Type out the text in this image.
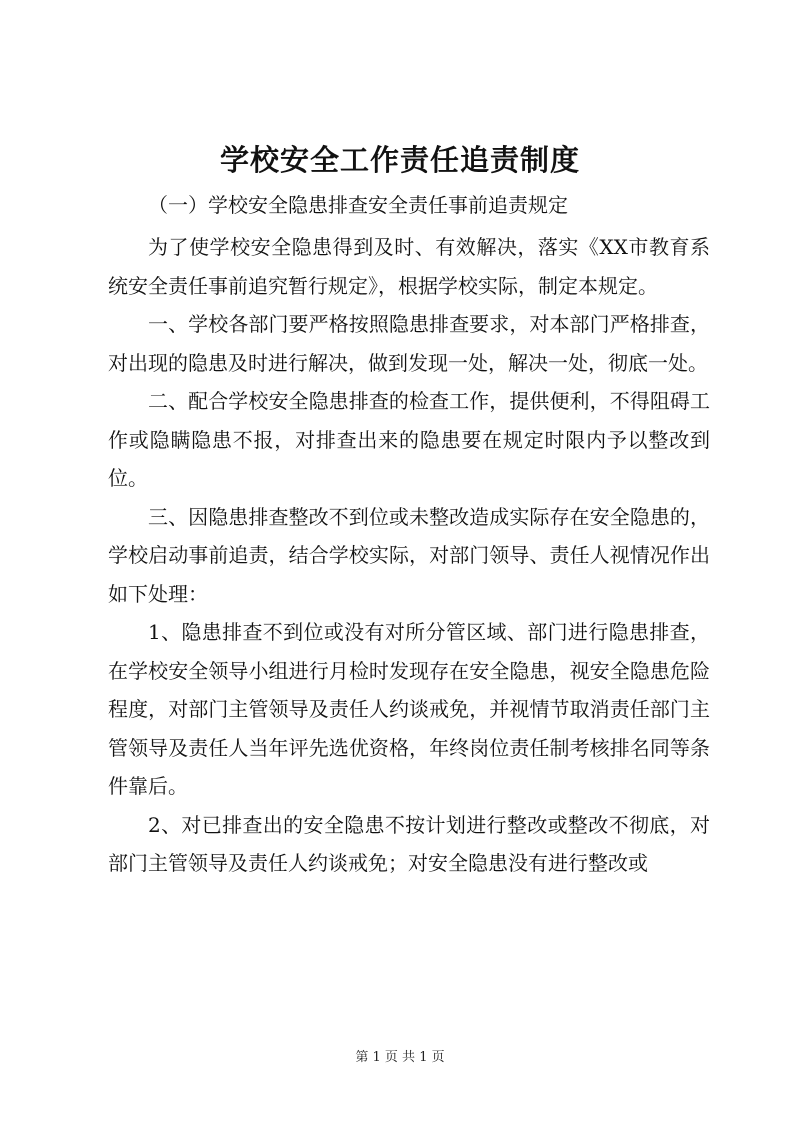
学校安全工作责任追责制度
（一）学校安全隐患排查安全责任事前追责规定

为了使学校安全隐患得到及时、有效解决，落实《XX市教育系统安全责任事前追究暂行规定》，根据学校实际，制定本规定。

一、学校各部门要严格按照隐患排查要求，对本部门严格排查，对出现的隐患及时进行解决，做到发现一处，解决一处，彻底一处。

二、配合学校安全隐患排查的检查工作，提供便利，不得阻碍工作或隐瞒隐患不报，对排查出来的隐患要在规定时限内予以整改到位。

三、因隐患排查整改不到位或未整改造成实际存在安全隐患的，学校启动事前追责，结合学校实际，对部门领导、责任人视情况作出如下处理：

1、隐患排查不到位或没有对所分管区域、部门进行隐患排查，在学校安全领导小组进行月检时发现存在安全隐患，视安全隐患危险程度，对部门主管领导及责任人约谈戒免，并视情节取消责任部门主管领导及责任人当年评先选优资格，年终岗位责任制考核排名同等条件靠后。

2、对已排查出的安全隐患不按计划进行整改或整改不彻底，对部门主管领导及责任人约谈戒免；对安全隐患没有进行整改或

第 1 页 共 1 页
